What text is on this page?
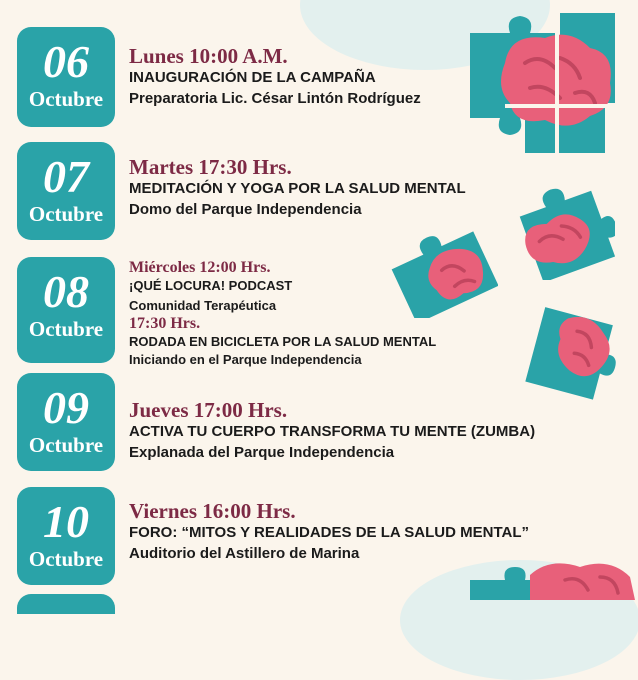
06
Octubre
Lunes 10:00 A.M.
INAUGURACIÓN DE LA CAMPAÑA
Preparatoria Lic. César Lintón Rodríguez
07
Octubre
Martes 17:30 Hrs.
MEDITACIÓN Y YOGA POR LA SALUD MENTAL
Domo del Parque Independencia
08
Octubre
Miércoles 12:00 Hrs.
¡QUÉ LOCURA! PODCAST
Comunidad Terapéutica
17:30 Hrs.
RODADA EN BICICLETA POR LA SALUD MENTAL
Iniciando en el Parque Independencia
09
Octubre
Jueves 17:00 Hrs.
ACTIVA TU CUERPO TRANSFORMA TU MENTE (ZUMBA)
Explanada del Parque Independencia
10
Octubre
Viernes 16:00 Hrs.
FORO: “MITOS Y REALIDADES DE LA SALUD MENTAL”
Auditorio del Astillero de Marina
